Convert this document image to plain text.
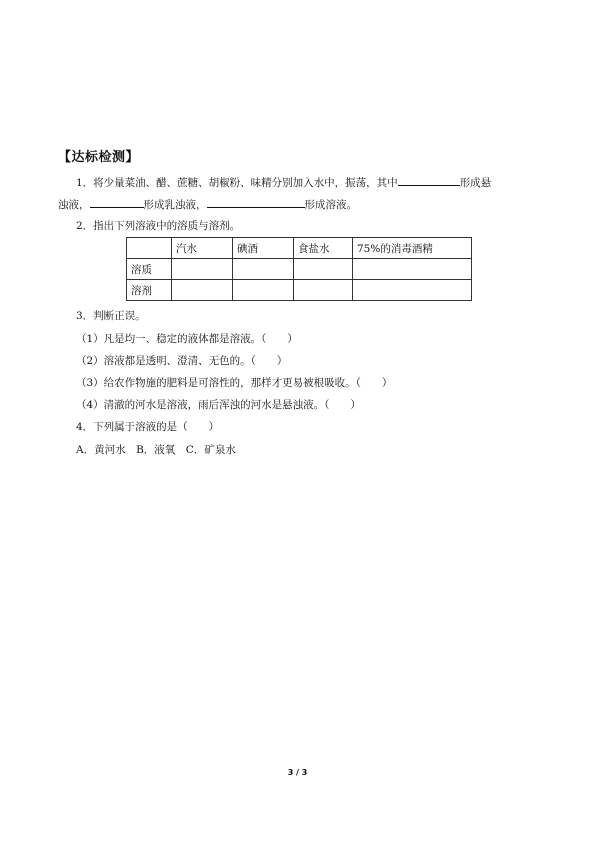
【达标检测】
1．将少量菜油、醋、蔗糖、胡椒粉、味精分别加入水中，振荡，其中	形成悬
浊液，	形成乳浊液，	形成溶液。
2．指出下列溶液中的溶质与溶剂。
	汽水	碘酒	食盐水	75%的消毒酒精
溶质				
溶剂				
3．判断正误。
（1）凡是均一、稳定的液体都是溶液。（　　）
（2）溶液都是透明、澄清、无色的。（　　）
（3）给农作物施的肥料是可溶性的，那样才更易被根吸收。（　　）
（4）清澈的河水是溶液，雨后浑浊的河水是悬浊液。（　　）
4．下列属于溶液的是（　　）
A．黄河水　B．液氧　C．矿泉水
3 / 3
